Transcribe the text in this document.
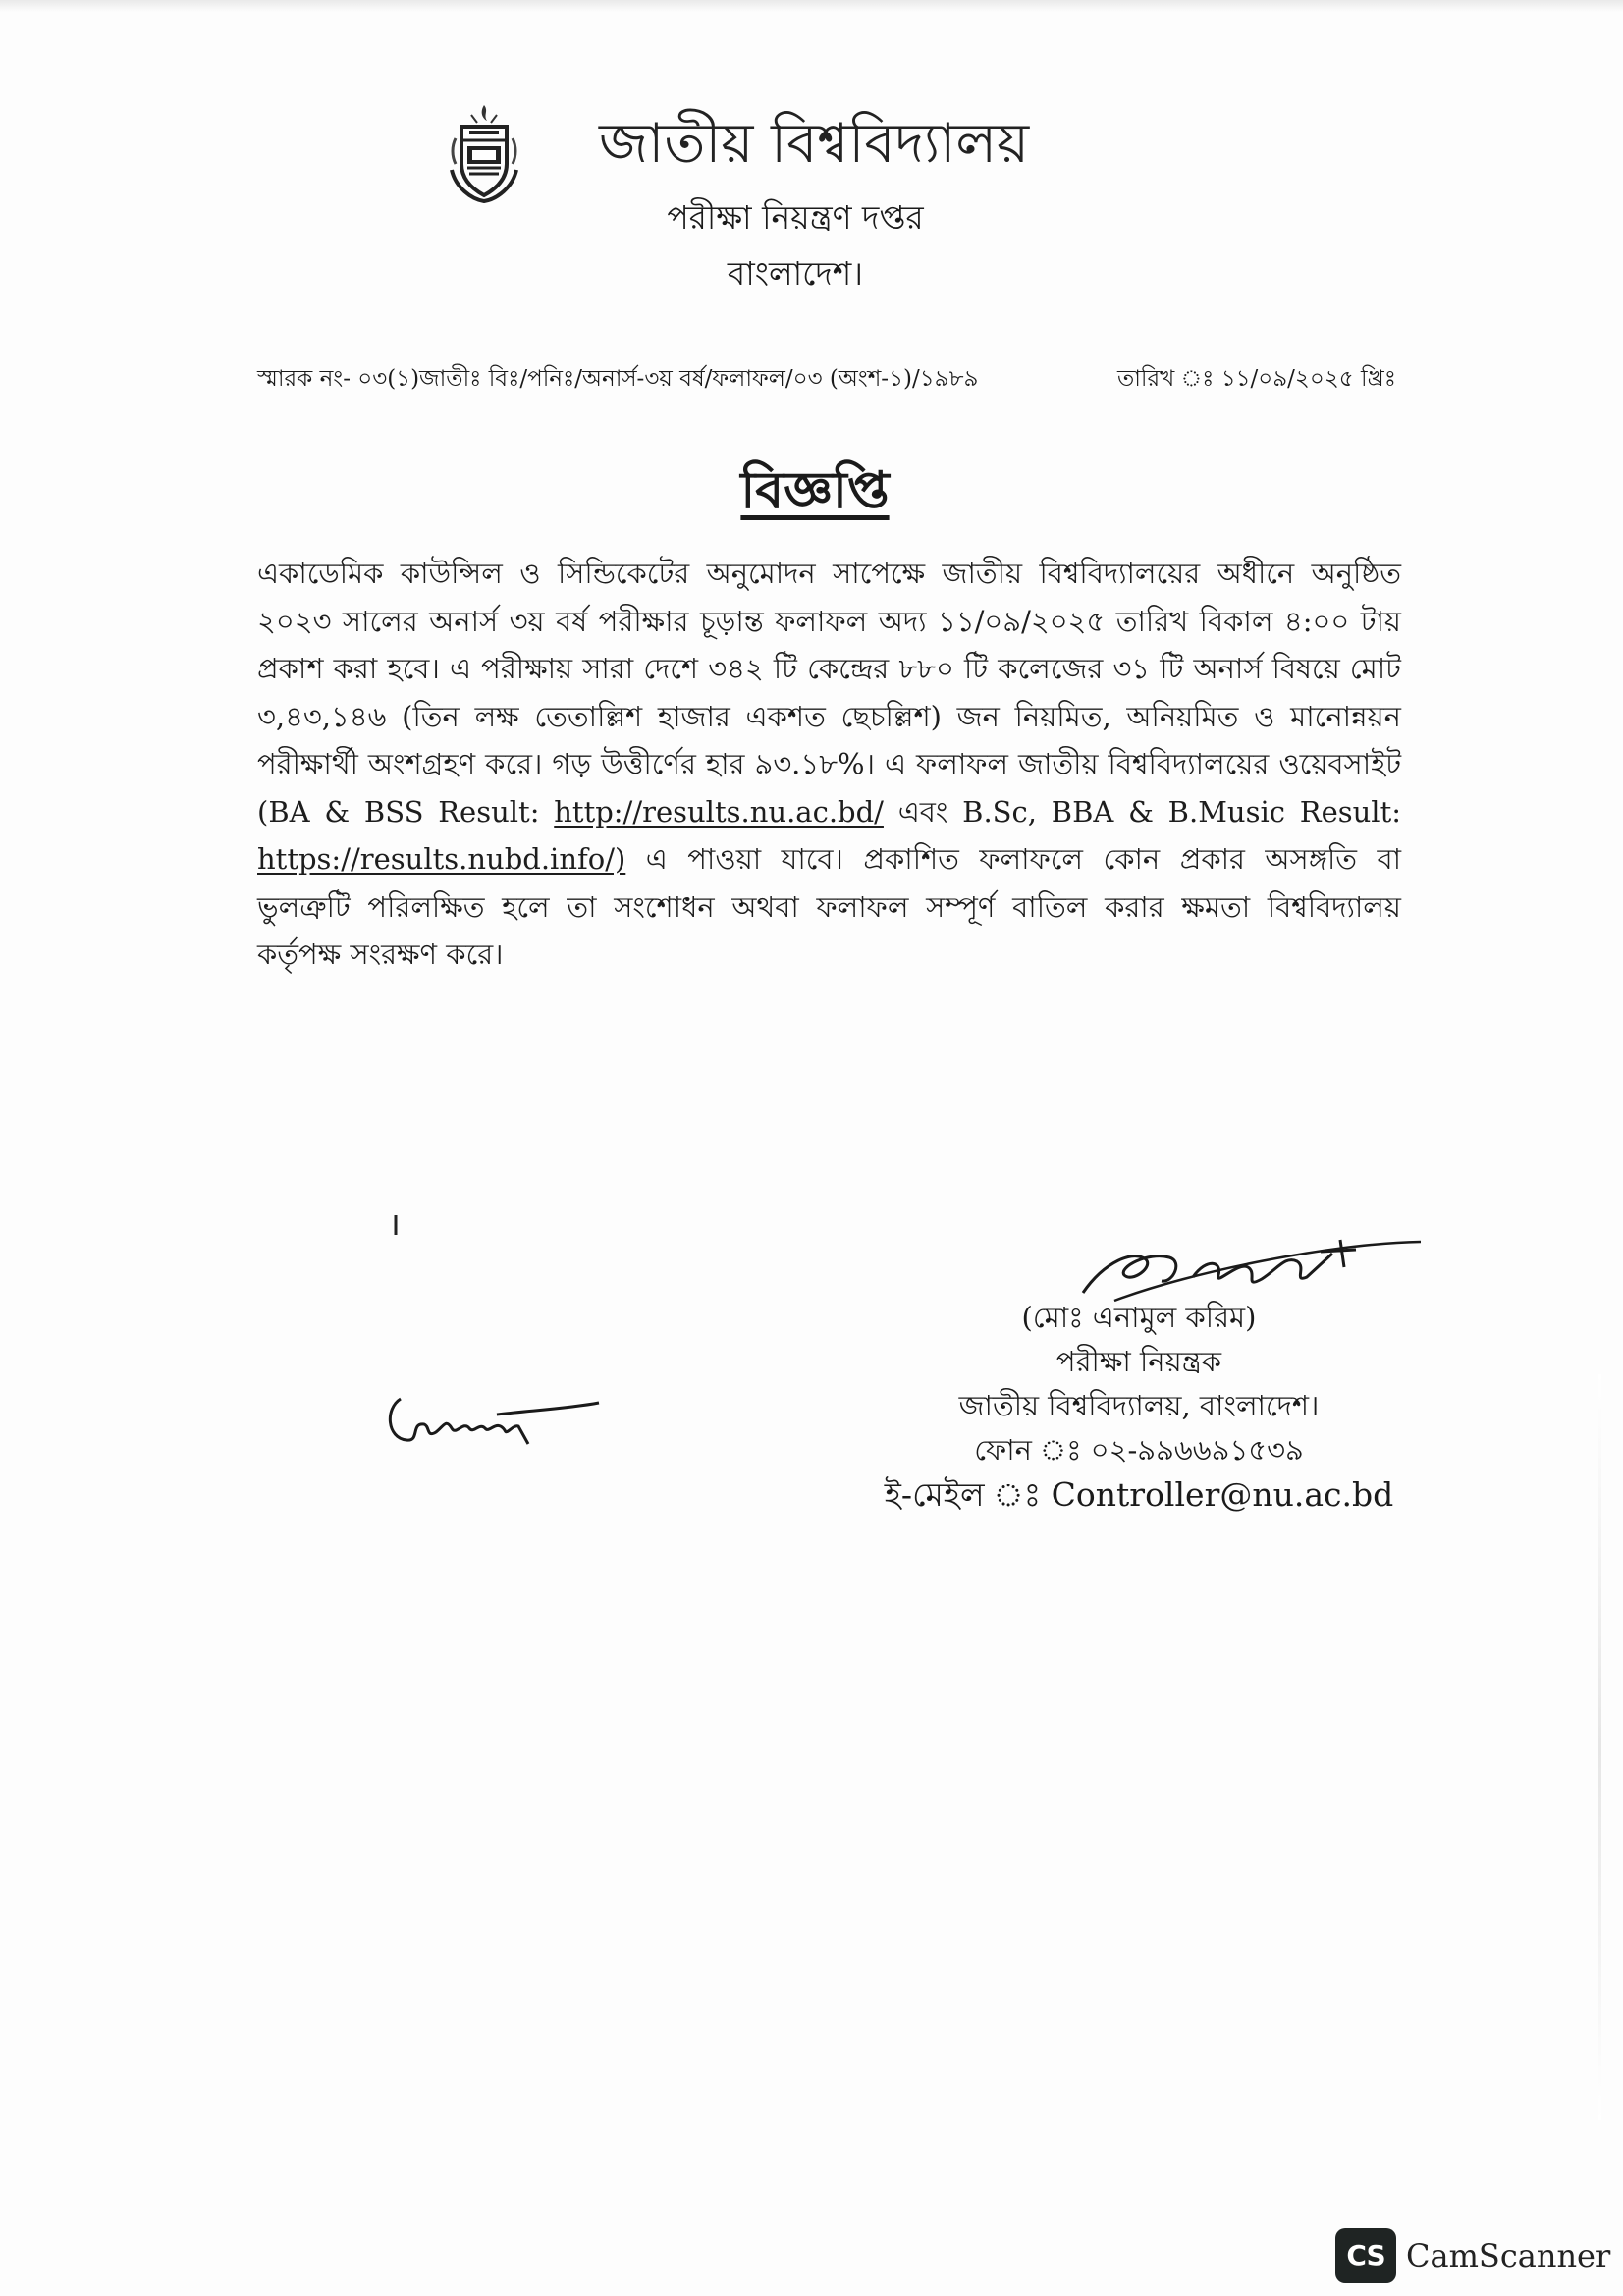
জাতীয় বিশ্ববিদ্যালয়
পরীক্ষা নিয়ন্ত্রণ দপ্তর
বাংলাদেশ।
স্মারক নং- ০৩(১)জাতীঃ বিঃ/পনিঃ/অনার্স-৩য় বর্ষ/ফলাফল/০৩ (অংশ-১)/১৯৮৯	তারিখ ঃ ১১/০৯/২০২৫ খ্রিঃ
বিজ্ঞপ্তি

একাডেমিক কাউন্সিল ও সিন্ডিকেটের অনুমোদন সাপেক্ষে জাতীয় বিশ্ববিদ্যালয়ের অধীনে অনুষ্ঠিত ২০২৩ সালের অনার্স ৩য় বর্ষ পরীক্ষার চূড়ান্ত ফলাফল অদ্য ১১/০৯/২০২৫ তারিখ বিকাল ৪:০০ টায় প্রকাশ করা হবে। এ পরীক্ষায় সারা দেশে ৩৪২ টি কেন্দ্রের ৮৮০ টি কলেজের ৩১ টি অনার্স বিষয়ে মোট ৩,৪৩,১৪৬ (তিন লক্ষ তেতাল্লিশ হাজার একশত ছেচল্লিশ) জন নিয়মিত, অনিয়মিত ও মানোন্নয়ন পরীক্ষার্থী অংশগ্রহণ করে। গড় উত্তীর্ণের হার ৯৩.১৮%। এ ফলাফল জাতীয় বিশ্ববিদ্যালয়ের ওয়েবসাইট (BA & BSS Result: http://results.nu.ac.bd/ এবং B.Sc, BBA & B.Music Result: https://results.nubd.info/) এ পাওয়া যাবে। প্রকাশিত ফলাফলে কোন প্রকার অসঙ্গতি বা ভুলত্রুটি পরিলক্ষিত হলে তা সংশোধন অথবা ফলাফল সম্পূর্ণ বাতিল করার ক্ষমতা বিশ্ববিদ্যালয় কর্তৃপক্ষ সংরক্ষণ করে।

(মোঃ এনামুল করিম)
পরীক্ষা নিয়ন্ত্রক
জাতীয় বিশ্ববিদ্যালয়, বাংলাদেশ।
ফোন ঃ ০২-৯৯৬৬৯১৫৩৯
ই-মেইল ঃ Controller@nu.ac.bd
CS CamScanner
